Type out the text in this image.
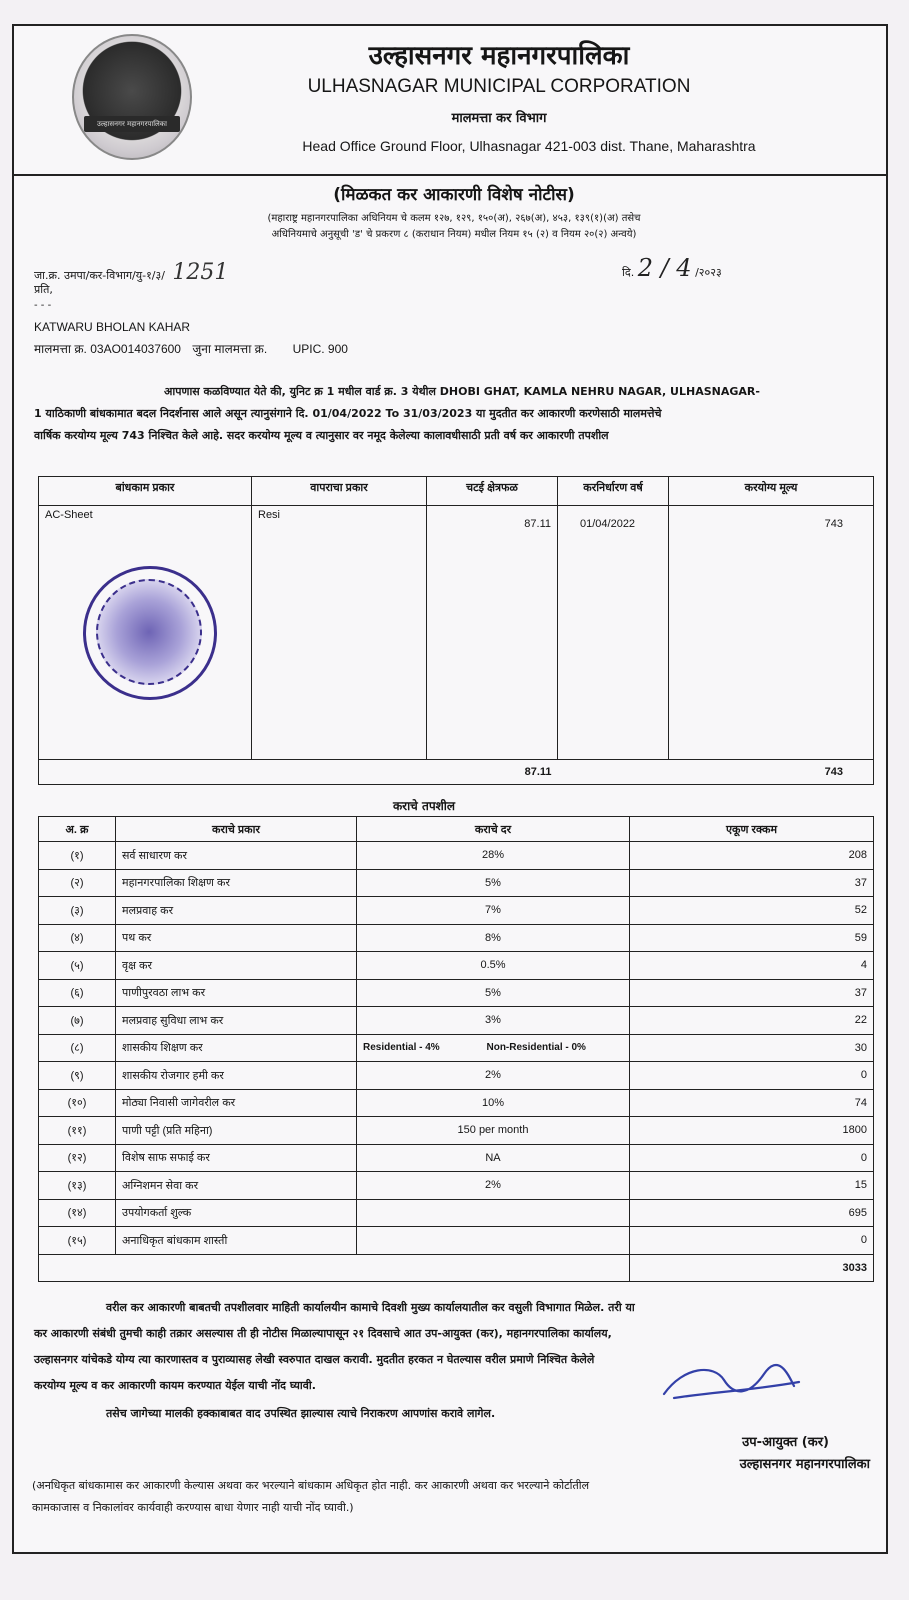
उल्हासनगर महानगरपालिका
उल्हासनगर महानगरपालिका
ULHASNAGAR MUNICIPAL CORPORATION
मालमत्ता कर विभाग
Head Office Ground Floor, Ulhasnagar 421-003 dist. Thane, Maharashtra
(मिळकत कर आकारणी विशेष नोटीस)
(महाराष्ट्र महानगरपालिका अधिनियम चे कलम १२७, १२९, १५०(अ), २६७(अ), ४५३, १३९(१)(अ) तसेच
अधिनियमाचे अनुसूची 'ड' चे प्रकरण ८ (कराधान नियम) मधील नियम १५ (२) व नियम २०(२) अन्वये)
जा.क्र. उमपा/कर-विभाग/यु-१/३/ 1251	दि. 2 / 4 /२०२३
प्रति,
- - -
KATWARU BHOLAN KAHAR
मालमत्ता क्र. 03AO014037600 जुना मालमत्ता क्र. UPIC. 900
आपणास कळविण्यात येते की, युनिट क्र 1 मधील वार्ड क्र. 3 येथील DHOBI GHAT, KAMLA NEHRU NAGAR, ULHASNAGAR-
1 याठिकाणी बांधकामात बदल निदर्शनास आले असून त्यानुसंगाने दि. 01/04/2022 To 31/03/2023 या मुदतीत कर आकारणी करणेसाठी मालमत्तेचे
वार्षिक करयोग्य मूल्य 743 निश्चित केले आहे. सदर करयोग्य मूल्य व त्यानुसार वर नमूद केलेल्या कालावधीसाठी प्रती वर्ष कर आकारणी तपशील
बांधकाम प्रकार	वापराचा प्रकार	चटई क्षेत्रफळ	करनिर्धारण वर्ष	करयोग्य मूल्य
AC-Sheet	Resi	87.11	01/04/2022	743
		87.11		743
कराचे तपशील
अ. क्र	कराचे प्रकार	कराचे दर	एकूण रक्कम
(१)	सर्व साधारण कर	28%	208
(२)	महानगरपालिका शिक्षण कर	5%	37
(३)	मलप्रवाह कर	7%	52
(४)	पथ कर	8%	59
(५)	वृक्ष कर	0.5%	4
(६)	पाणीपुरवठा लाभ कर	5%	37
(७)	मलप्रवाह सुविधा लाभ कर	3%	22
(८)	शासकीय शिक्षण कर	Residential - 4% Non-Residential - 0%	30
(९)	शासकीय रोजगार हमी कर	2%	0
(१०)	मोठ्या निवासी जागेवरील कर	10%	74
(११)	पाणी पट्टी (प्रति महिना)	150 per month	1800
(१२)	विशेष साफ सफाई कर	NA	0
(१३)	अग्निशमन सेवा कर	2%	15
(१४)	उपयोगकर्ता शुल्क		695
(१५)	अनाधिकृत बांधकाम शास्ती		0
			3033
वरील कर आकारणी बाबतची तपशीलवार माहिती कार्यालयीन कामाचे दिवशी मुख्य कार्यालयातील कर वसुली विभागात मिळेल. तरी या
कर आकारणी संबंधी तुमची काही तक्रार असल्यास ती ही नोटीस मिळाल्यापासून २१ दिवसाचे आत उप-आयुक्त (कर), महानगरपालिका कार्यालय,
उल्हासनगर यांचेकडे योग्य त्या कारणास्तव व पुराव्यासह लेखी स्वरुपात दाखल करावी. मुदतीत हरकत न घेतल्यास वरील प्रमाणे निश्चित केलेले
करयोग्य मूल्य व कर आकारणी कायम करण्यात येईल याची नोंद घ्यावी.
तसेच जागेच्या मालकी हक्काबाबत वाद उपस्थित झाल्यास त्याचे निराकरण आपणांस करावे लागेल.
उप-आयुक्त (कर)
उल्हासनगर महानगरपालिका
(अनधिकृत बांधकामास कर आकारणी केल्यास अथवा कर भरल्याने बांधकाम अधिकृत होत नाही. कर आकारणी अथवा कर भरल्याने कोर्टातील
कामकाजास व निकालांवर कार्यवाही करण्यास बाधा येणार नाही याची नोंद घ्यावी.)
